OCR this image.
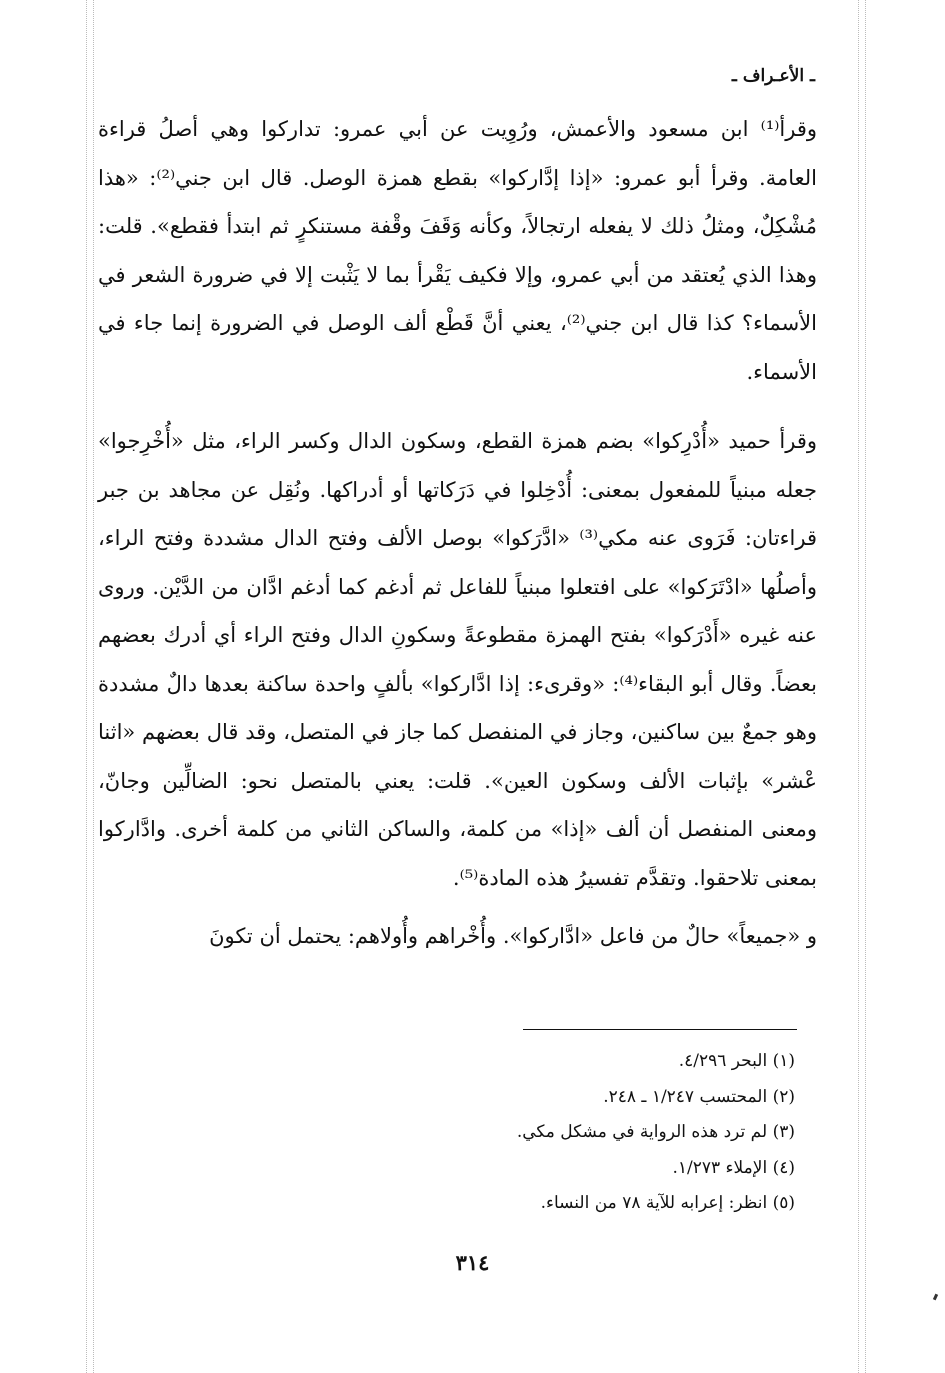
ـ الأعـراف ـ

وقرأ⁽¹⁾ ابن مسعود والأعمش، ورُوِيت عن أبي عمرو: تداركوا وهي أصلُ قراءة العامة. وقرأ أبو عمرو: «إذا إدَّاركوا» بقطع همزة الوصل. قال ابن جني⁽²⁾: «هذا مُشْكِلٌ، ومثلُ ذلك لا يفعله ارتجالاً، وكأنه وَقَفَ وقْفة مستنكرٍ ثم ابتدأ فقطع». قلت: وهذا الذي يُعتقد من أبي عمرو، وإلا فكيف يَقْرأ بما لا يَثْبت إلا في ضرورة الشعر في الأسماء؟ كذا قال ابن جني⁽²⁾، يعني أنَّ قَطْع ألف الوصل في الضرورة إنما جاء في الأسماء.

وقرأ حميد «أُدْرِكوا» بضم همزة القطع، وسكون الدال وكسر الراء، مثل «أُخْرِجوا» جعله مبنياً للمفعول بمعنى: أُدْخِلوا في دَرَكاتها أو أدراكها. ونُقِل عن مجاهد بن جبر قراءتان: فَرَوى عنه مكي⁽³⁾ «ادَّرَكوا» بوصل الألف وفتح الدال مشددة وفتح الراء، وأصلُها «ادْتَرَكوا» على افتعلوا مبنياً للفاعل ثم أدغم كما أدغم ادَّان من الدَّيْن. وروى عنه غيره «أَدْرَكوا» بفتح الهمزة مقطوعةً وسكونِ الدال وفتح الراء أي أدرك بعضهم بعضاً. وقال أبو البقاء⁽⁴⁾: «وقرىء: إذا ادَّاركوا» بألفٍ واحدة ساكنة بعدها دالٌ مشددة وهو جمعٌ بين ساكنين، وجاز في المنفصل كما جاز في المتصل، وقد قال بعضهم «اثنا عْشر» بإثبات الألف وسكون العين». قلت: يعني بالمتصل نحو: الضالِّين وجانّ، ومعنى المنفصل أن ألف «إذا» من كلمة، والساكن الثاني من كلمة أخرى. وادَّاركوا بمعنى تلاحقوا. وتقدَّم تفسيرُ هذه المادة⁽⁵⁾.

و «جميعاً» حالٌ من فاعل «ادَّاركوا». وأُخْراهم وأُولاهم: يحتمل أن تكونَ

(١) البحر ٤/٢٩٦.

(٢) المحتسب ١/٢٤٧ ـ ٢٤٨.

(٣) لم ترد هذه الرواية في مشكل مكي.

(٤) الإملاء ١/٢٧٣.

(٥) انظر: إعرابه للآية ٧٨ من النساء.

٣١٤
